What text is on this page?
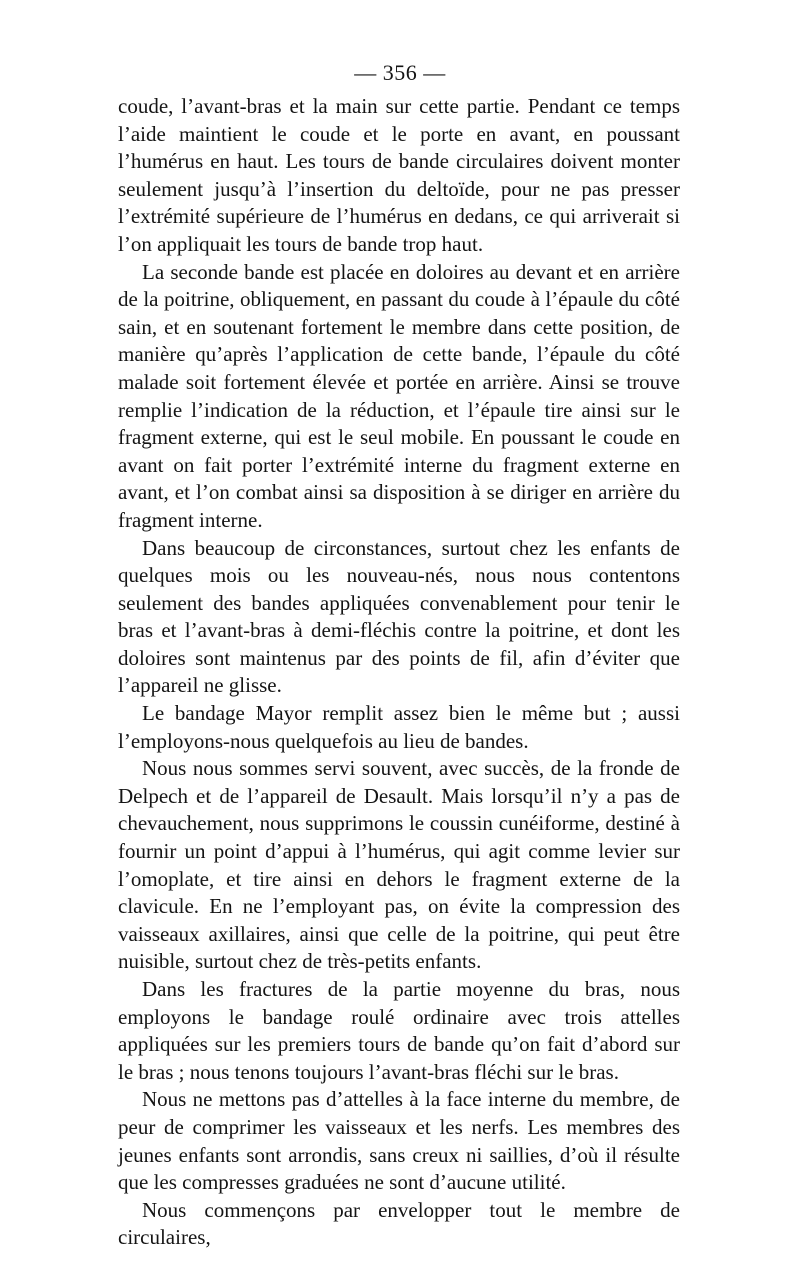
— 356 —

coude, l’avant-bras et la main sur cette partie. Pendant ce temps l’aide maintient le coude et le porte en avant, en poussant l’humérus en haut. Les tours de bande circulaires doivent monter seulement jusqu’à l’insertion du deltoïde, pour ne pas presser l’extrémité supérieure de l’humérus en dedans, ce qui arriverait si l’on appliquait les tours de bande trop haut.

La seconde bande est placée en doloires au devant et en arrière de la poitrine, obliquement, en passant du coude à l’épaule du côté sain, et en soutenant fortement le membre dans cette position, de manière qu’après l’application de cette bande, l’épaule du côté malade soit fortement élevée et portée en arrière. Ainsi se trouve remplie l’indication de la réduction, et l’épaule tire ainsi sur le fragment externe, qui est le seul mobile. En poussant le coude en avant on fait porter l’extrémité interne du fragment externe en avant, et l’on combat ainsi sa disposition à se diriger en arrière du fragment interne.

Dans beaucoup de circonstances, surtout chez les enfants de quelques mois ou les nouveau-nés, nous nous contentons seulement des bandes appliquées convenablement pour tenir le bras et l’avant-bras à demi-fléchis contre la poitrine, et dont les doloires sont maintenus par des points de fil, afin d’éviter que l’appareil ne glisse.

Le bandage Mayor remplit assez bien le même but ; aussi l’employons-nous quelquefois au lieu de bandes.

Nous nous sommes servi souvent, avec succès, de la fronde de Delpech et de l’appareil de Desault. Mais lorsqu’il n’y a pas de chevauchement, nous supprimons le coussin cunéiforme, destiné à fournir un point d’appui à l’humérus, qui agit comme levier sur l’omoplate, et tire ainsi en dehors le fragment externe de la clavicule. En ne l’employant pas, on évite la compression des vaisseaux axillaires, ainsi que celle de la poitrine, qui peut être nuisible, surtout chez de très-petits enfants.

Dans les fractures de la partie moyenne du bras, nous employons le bandage roulé ordinaire avec trois attelles appliquées sur les premiers tours de bande qu’on fait d’abord sur le bras ; nous tenons toujours l’avant-bras fléchi sur le bras.

Nous ne mettons pas d’attelles à la face interne du membre, de peur de comprimer les vaisseaux et les nerfs. Les membres des jeunes enfants sont arrondis, sans creux ni saillies, d’où il résulte que les compresses graduées ne sont d’aucune utilité.

Nous commençons par envelopper tout le membre de circulaires,
